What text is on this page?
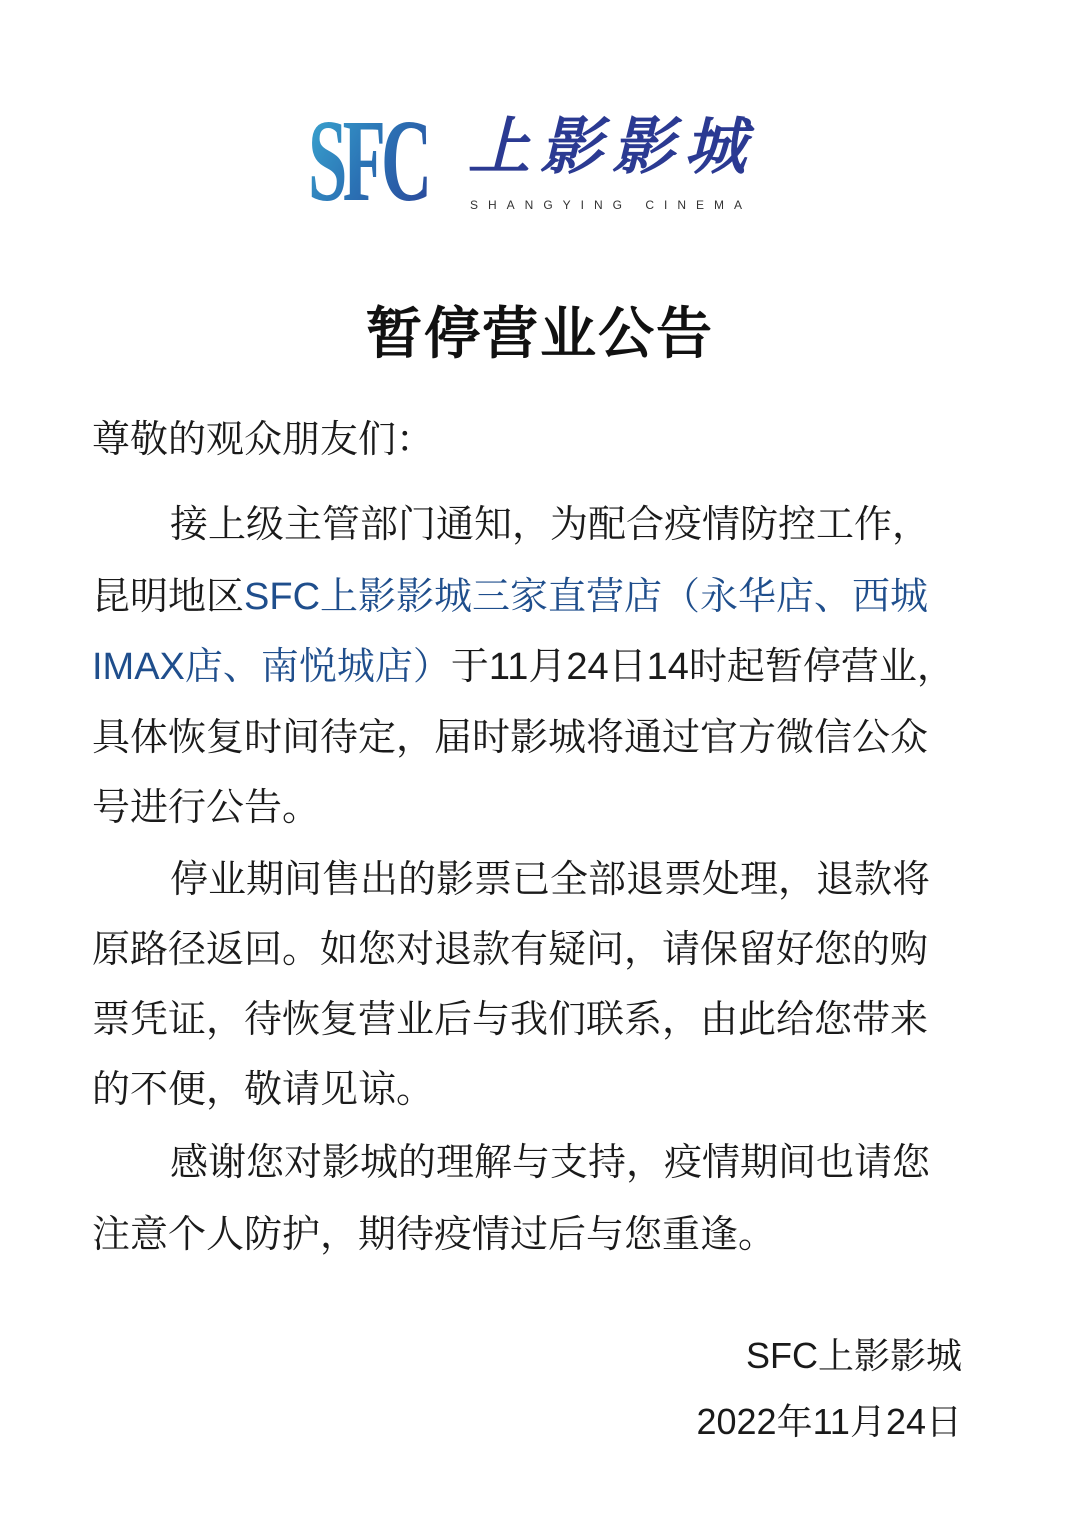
SFC 上影影城
SHANGYING CINEMA
暂停营业公告
尊敬的观众朋友们：
接上级主管部门通知，为配合疫情防控工作，
昆明地区SFC上影影城三家直营店（永华店、西城
IMAX店、南悦城店）于11月24日14时起暂停营业，
具体恢复时间待定，届时影城将通过官方微信公众
号进行公告。
停业期间售出的影票已全部退票处理，退款将
原路径返回。如您对退款有疑问，请保留好您的购
票凭证，待恢复营业后与我们联系，由此给您带来
的不便，敬请见谅。
感谢您对影城的理解与支持，疫情期间也请您
注意个人防护，期待疫情过后与您重逢。
SFC上影影城
2022年11月24日
